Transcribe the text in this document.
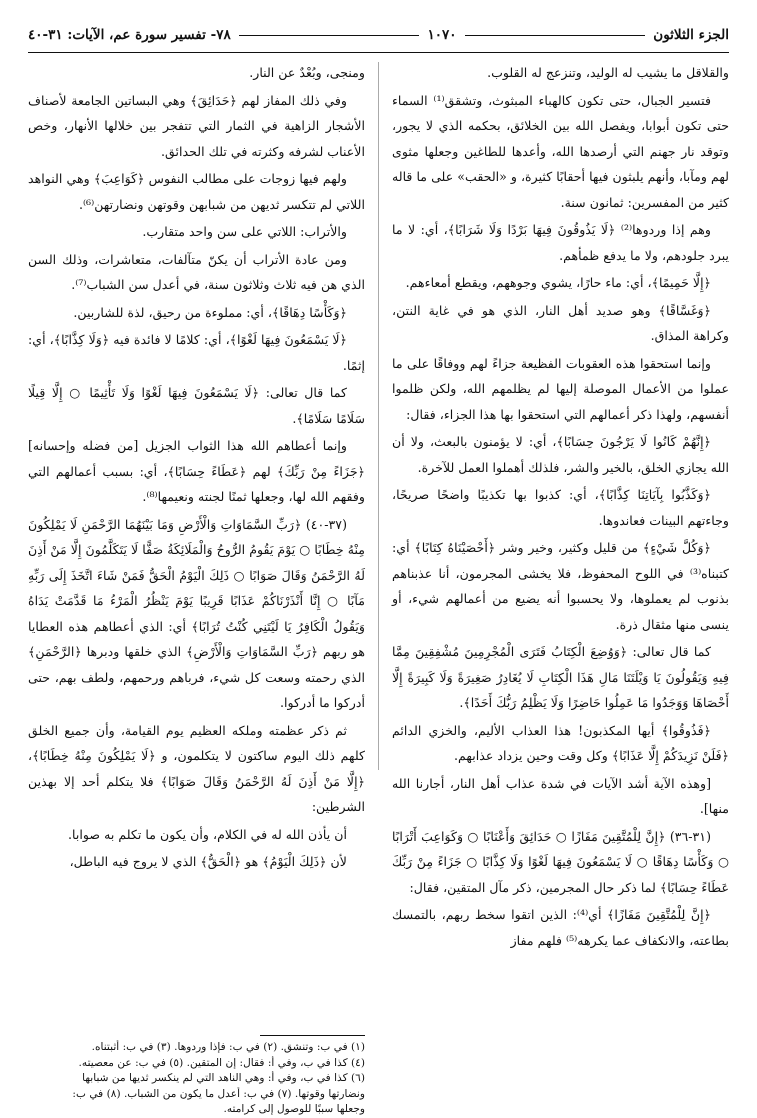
الجزء الثلاثون
١٠٧٠
٧٨- تفسير سورة عم، الآيات: ٣١-٤٠

والقلاقل ما يشيب له الوليد، وتنزعج له القلوب.

فتسير الجبال، حتى تكون كالهباء المبثوث، وتشقق⁽¹⁾ السماء حتى تكون أبوابا، ويفصل الله بين الخلائق، بحكمه الذي لا يجور، وتوقد نار جهنم التي أرصدها الله، وأعدها للطاغين وجعلها مثوى لهم ومآبا، وأنهم يلبثون فيها أحقابًا كثيرة، و «الحقب» على ما قاله كثير من المفسرين: ثمانون سنة.

وهم إذا وردوها⁽²⁾ ﴿لَا يَذُوقُونَ فِيهَا بَرْدًا وَلَا شَرَابًا﴾، أي: لا ما يبرد جلودهم، ولا ما يدفع ظمأهم.

﴿إِلَّا حَمِيمًا﴾، أي: ماء حارًا، يشوي وجوههم، ويقطع أمعاءهم.

﴿وَغَسَّاقًا﴾ وهو صديد أهل النار، الذي هو في غاية النتن، وكراهة المذاق.

وإنما استحقوا هذه العقوبات الفظيعة جزاءً لهم ووفاقًا على ما عملوا من الأعمال الموصلة إليها لم يظلمهم الله، ولكن ظلموا أنفسهم، ولهذا ذكر أعمالهم التي استحقوا بها هذا الجزاء، فقال:

﴿إِنَّهُمْ كَانُوا لَا يَرْجُونَ حِسَابًا﴾، أي: لا يؤمنون بالبعث، ولا أن الله يجازي الخلق، بالخير والشر، فلذلك أهملوا العمل للآخرة.

﴿وَكَذَّبُوا بِآيَاتِنَا كِذَّابًا﴾، أي: كذبوا بها تكذيبًا واضحًا صريحًا، وجاءتهم البينات فعاندوها.

﴿وَكُلَّ شَيْءٍ﴾ من قليل وكثير، وخير وشر ﴿أَحْصَيْنَاهُ كِتَابًا﴾ أي: كتبناه⁽³⁾ في اللوح المحفوظ، فلا يخشى المجرمون، أنا عذبناهم بذنوب لم يعملوها، ولا يحسبوا أنه يضيع من أعمالهم شيء، أو ينسى منها مثقال ذرة.

كما قال تعالى: ﴿وَوُضِعَ الْكِتَابُ فَتَرَى الْمُجْرِمِينَ مُشْفِقِينَ مِمَّا فِيهِ وَيَقُولُونَ يَا وَيْلَتَنَا مَالِ هَذَا الْكِتَابِ لَا يُغَادِرُ صَغِيرَةً وَلَا كَبِيرَةً إِلَّا أَحْصَاهَا وَوَجَدُوا مَا عَمِلُوا حَاضِرًا وَلَا يَظْلِمُ رَبُّكَ أَحَدًا﴾.

﴿فَذُوقُوا﴾ أيها المكذبون! هذا العذاب الأليم، والخزي الدائم ﴿فَلَنْ نَزِيدَكُمْ إِلَّا عَذَابًا﴾ وكل وقت وحين يزداد عذابهم.

[وهذه الآية أشد الآيات في شدة عذاب أهل النار، أجارنا الله منها].

(٣١-٣٦) ﴿إِنَّ لِلْمُتَّقِينَ مَفَازًا ○ حَدَائِقَ وَأَعْنَابًا ○ وَكَوَاعِبَ أَتْرَابًا ○ وَكَأْسًا دِهَاقًا ○ لَا يَسْمَعُونَ فِيهَا لَغْوًا وَلَا كِذَّابًا ○ جَزَاءً مِنْ رَبِّكَ عَطَاءً حِسَابًا﴾ لما ذكر حال المجرمين، ذكر مآل المتقين، فقال:

﴿إِنَّ لِلْمُتَّقِينَ مَفَازًا﴾ أي⁽⁴⁾: الذين اتقوا سخط ربهم، بالتمسك بطاعته، والانكفاف عما يكرهه⁽⁵⁾ فلهم مفاز

ومنجى، وبُعْدٌ عن النار.

وفي ذلك المفاز لهم ﴿حَدَائِقَ﴾ وهي البساتين الجامعة لأصناف الأشجار الزاهية في الثمار التي تتفجر بين خلالها الأنهار، وخص الأعناب لشرفه وكثرته في تلك الحدائق.

ولهم فيها زوجات على مطالب النفوس ﴿كَوَاعِبَ﴾ وهي النواهد اللاتي لم تتكسر ثديهن من شبابهن وقوتهن ونضارتهن⁽⁶⁾.

والأتراب: اللاتي على سن واحد متقارب.

ومن عادة الأتراب أن يكنّ متآلفات، متعاشرات، وذلك السن الذي هن فيه ثلاث وثلاثون سنة، في أعدل سن الشباب⁽⁷⁾.

﴿وَكَأْسًا دِهَاقًا﴾، أي: مملوءة من رحيق، لذة للشاربين.

﴿لَا يَسْمَعُونَ فِيهَا لَغْوًا﴾، أي: كلامًا لا فائدة فيه ﴿وَلَا كِذَّابًا﴾، أي: إثمًا.

كما قال تعالى: ﴿لَا يَسْمَعُونَ فِيهَا لَغْوًا وَلَا تَأْثِيمًا ○ إِلَّا قِيلًا سَلَامًا سَلَامًا﴾.

وإنما أعطاهم الله هذا الثواب الجزيل [من فضله وإحسانه] ﴿جَزَاءً مِنْ رَبِّكَ﴾ لهم ﴿عَطَاءً حِسَابًا﴾، أي: بسبب أعمالهم التي وفقهم الله لها، وجعلها ثمنًا لجنته ونعيمها⁽⁸⁾.

(٣٧-٤٠) ﴿رَبِّ السَّمَاوَاتِ وَالْأَرْضِ وَمَا بَيْنَهُمَا الرَّحْمَنِ لَا يَمْلِكُونَ مِنْهُ خِطَابًا ○ يَوْمَ يَقُومُ الرُّوحُ وَالْمَلَائِكَةُ صَفًّا لَا يَتَكَلَّمُونَ إِلَّا مَنْ أَذِنَ لَهُ الرَّحْمَنُ وَقَالَ صَوَابًا ○ ذَلِكَ الْيَوْمُ الْحَقُّ فَمَنْ شَاءَ اتَّخَذَ إِلَى رَبِّهِ مَآبًا ○ إِنَّا أَنْذَرْنَاكُمْ عَذَابًا قَرِيبًا يَوْمَ يَنْظُرُ الْمَرْءُ مَا قَدَّمَتْ يَدَاهُ وَيَقُولُ الْكَافِرُ يَا لَيْتَنِي كُنْتُ تُرَابًا﴾ أي: الذي أعطاهم هذه العطايا هو ربهم ﴿رَبِّ السَّمَاوَاتِ وَالْأَرْضِ﴾ الذي خلقها ودبرها ﴿الرَّحْمَنِ﴾ الذي رحمته وسعت كل شيء، فرباهم ورحمهم، ولطف بهم، حتى أدركوا ما أدركوا.

ثم ذكر عظمته وملكه العظيم يوم القيامة، وأن جميع الخلق كلهم ذلك اليوم ساكتون لا يتكلمون، و ﴿لَا يَمْلِكُونَ مِنْهُ خِطَابًا﴾، ﴿إِلَّا مَنْ أَذِنَ لَهُ الرَّحْمَنُ وَقَالَ صَوَابًا﴾ فلا يتكلم أحد إلا بهذين الشرطين:

أن يأذن الله له في الكلام، وأن يكون ما تكلم به صوابا.

لأن ﴿ذَلِكَ الْيَوْمُ﴾ هو ﴿الْحَقُّ﴾ الذي لا يروج فيه الباطل،

(١) في ب: وتنشق. (٢) في ب: فإذا وردوها. (٣) في ب: أثبتناه.
(٤) كذا في ب، وفي أ: فقال: إن المتقين. (٥) في ب: عن معصيته.
(٦) كذا في ب، وفي أ: وهي الناهد التي لم ينكسر ثديها من شبابها
ونضارتها وقوتها. (٧) في ب: أعدل ما يكون من الشباب. (٨) في ب:
وجعلها سببًا للوصول إلى كرامته.
